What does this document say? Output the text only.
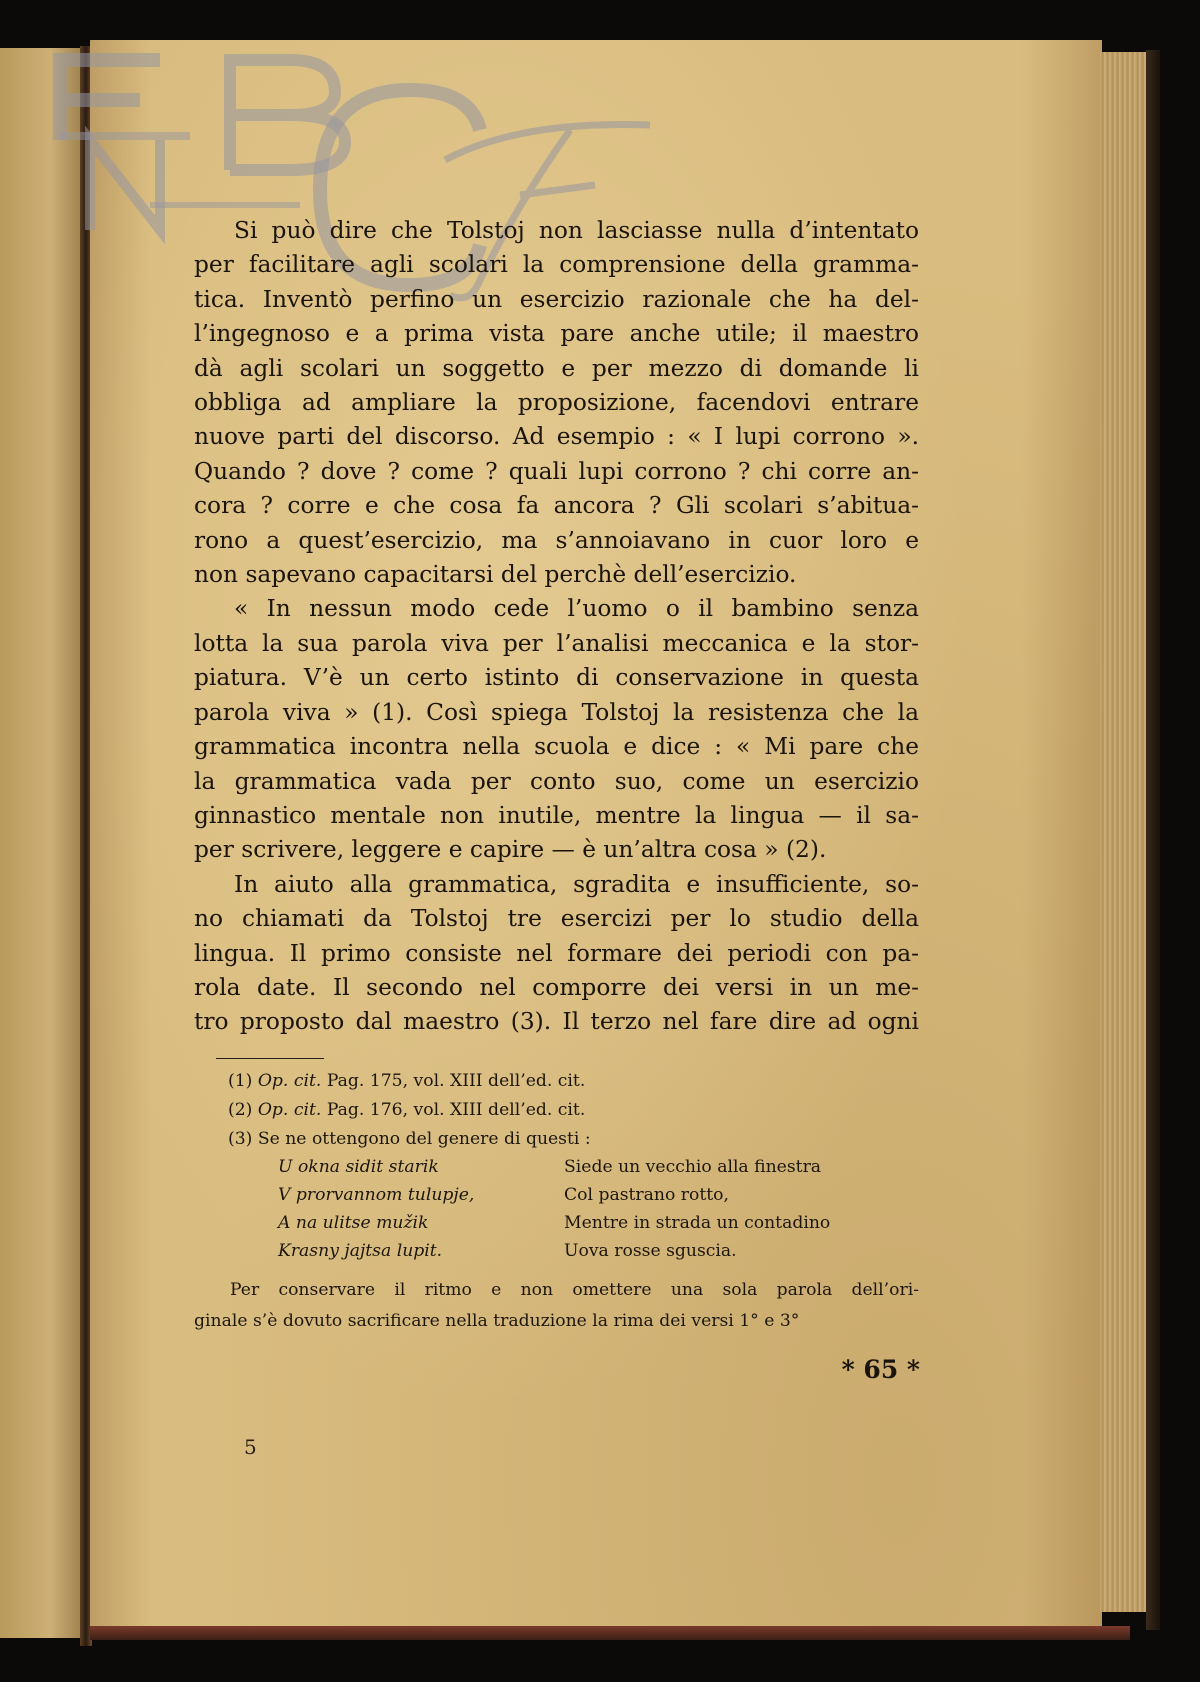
Si può dire che Tolstoj non lasciasse nulla d’intentato
per facilitare agli scolari la comprensione della gramma-
tica. Inventò perfino un esercizio razionale che ha del-
l’ingegnoso e a prima vista pare anche utile; il maestro
dà agli scolari un soggetto e per mezzo di domande li
obbliga ad ampliare la proposizione, facendovi entrare
nuove parti del discorso. Ad esempio : « I lupi corrono ».
Quando ? dove ? come ? quali lupi corrono ? chi corre an-
cora ? corre e che cosa fa ancora ? Gli scolari s’abitua-
rono a quest’esercizio, ma s’annoiavano in cuor loro e
non sapevano capacitarsi del perchè dell’esercizio.

« In nessun modo cede l’uomo o il bambino senza
lotta la sua parola viva per l’analisi meccanica e la stor-
piatura. V’è un certo istinto di conservazione in questa
parola viva » (1). Così spiega Tolstoj la resistenza che la
grammatica incontra nella scuola e dice : « Mi pare che
la grammatica vada per conto suo, come un esercizio
ginnastico mentale non inutile, mentre la lingua — il sa-
per scrivere, leggere e capire — è un’altra cosa » (2).

In aiuto alla grammatica, sgradita e insufficiente, so-
no chiamati da Tolstoj tre esercizi per lo studio della
lingua. Il primo consiste nel formare dei periodi con pa-
rola date. Il secondo nel comporre dei versi in un me-
tro proposto dal maestro (3). Il terzo nel fare dire ad ogni

(1) Op. cit. Pag. 175, vol. XIII dell’ed. cit.
(2) Op. cit. Pag. 176, vol. XIII dell’ed. cit.
(3) Se ne ottengono del genere di questi :
U okna sidit starik	Siede un vecchio alla finestra
V prorvannom tulupje,	Col pastrano rotto,
A na ulitse mužik	Mentre in strada un contadino
Krasny jajtsa lupit.	Uova rosse sguscia.
Per conservare il ritmo e non omettere una sola parola dell’ori-
ginale s’è dovuto sacrificare nella traduzione la rima dei versi 1° e 3°
* 65 *
5
